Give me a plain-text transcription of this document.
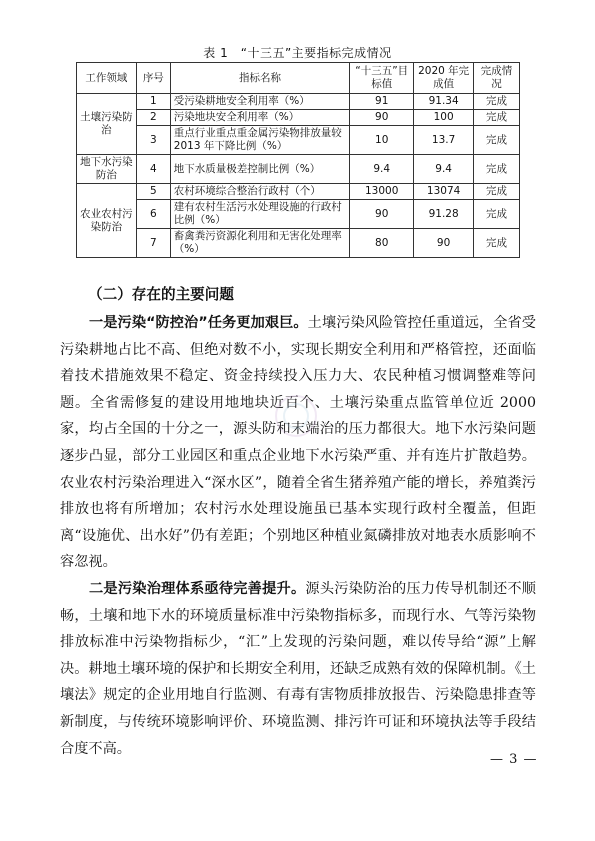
表 1　“十三五”主要指标完成情况
工作领域	序号	指标名称	“十三五”目标值	2020 年完成值	完成情况
土壤污染防治	1	受污染耕地安全利用率（%）	91	91.34	完成
	2	污染地块安全利用率（%）	90	100	完成
	3	重点行业重点重金属污染物排放量较 2013 年下降比例（%）	10	13.7	完成
地下水污染防治	4	地下水质量极差控制比例（%）	9.4	9.4	完成
农业农村污染防治	5	农村环境综合整治行政村（个）	13000	13074	完成
	6	建有农村生活污水处理设施的行政村比例（%）	90	91.28	完成
	7	畜禽粪污资源化利用和无害化处理率（%）	80	90	完成
（二）存在的主要问题

一是污染“防控治”任务更加艰巨。土壤污染风险管控任重道远，全省受污染耕地占比不高、但绝对数不小，实现长期安全利用和严格管控，还面临着技术措施效果不稳定、资金持续投入压力大、农民种植习惯调整难等问题。全省需修复的建设用地地块近百个、土壤污染重点监管单位近 2000 家，均占全国的十分之一，源头防和末端治的压力都很大。地下水污染问题逐步凸显，部分工业园区和重点企业地下水污染严重、并有连片扩散趋势。农业农村污染治理进入“深水区”，随着全省生猪养殖产能的增长，养殖粪污排放也将有所增加；农村污水处理设施虽已基本实现行政村全覆盖，但距离“设施优、出水好”仍有差距；个别地区种植业氮磷排放对地表水质影响不容忽视。

二是污染治理体系亟待完善提升。源头污染防治的压力传导机制还不顺畅，土壤和地下水的环境质量标准中污染物指标多，而现行水、气等污染物排放标准中污染物指标少，“汇”上发现的污染问题，难以传导给“源”上解决。耕地土壤环境的保护和长期安全利用，还缺乏成熟有效的保障机制。《土壤法》规定的企业用地自行监测、有毒有害物质排放报告、污染隐患排查等新制度，与传统环境影响评价、环境监测、排污许可证和环境执法等手段结合度不高。

— 3 —
